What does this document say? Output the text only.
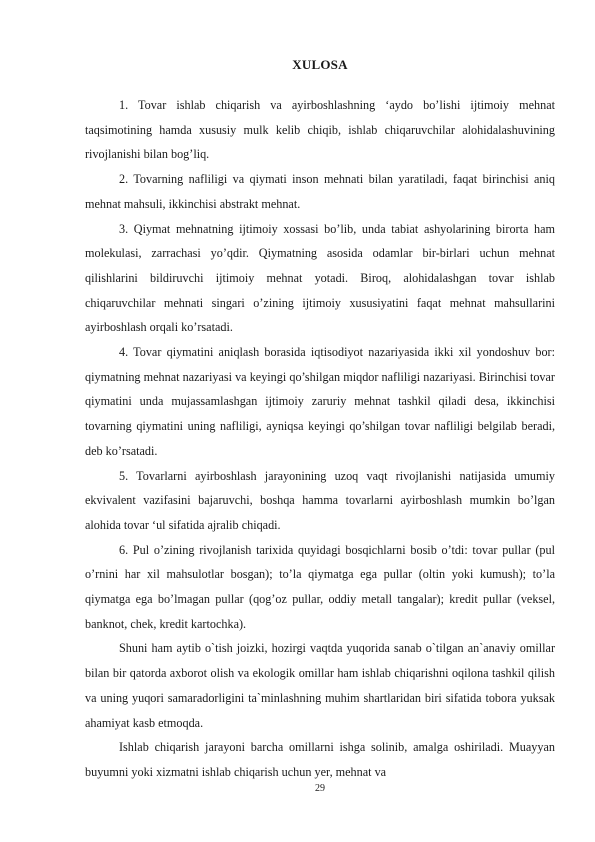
XULOSA

1. Tovar ishlab chiqarish va ayirboshlashning ‘aydo bo’lishi ijtimoiy mehnat taqsimotining hamda xususiy mulk kelib chiqib, ishlab chiqaruvchilar alohidalashuvining rivojlanishi bilan bog’liq.

2. Tovarning nafliligi va qiymati inson mehnati bilan yaratiladi, faqat birinchisi aniq mehnat mahsuli, ikkinchisi abstrakt mehnat.

3. Qiymat mehnatning ijtimoiy xossasi bo’lib, unda tabiat ashyolarining birorta ham molekulasi, zarrachasi yo’qdir. Qiymatning asosida odamlar bir-birlari uchun mehnat qilishlarini bildiruvchi ijtimoiy mehnat yotadi. Biroq, alohidalashgan tovar ishlab chiqaruvchilar mehnati singari o’zining ijtimoiy xususiyatini faqat mehnat mahsullarini ayirboshlash orqali ko’rsatadi.

4. Tovar qiymatini aniqlash borasida iqtisodiyot nazariyasida ikki xil yondoshuv bor: qiymatning mehnat nazariyasi va keyingi qo’shilgan miqdor nafliligi nazariyasi. Birinchisi tovar qiymatini unda mujassamlashgan ijtimoiy zaruriy mehnat tashkil qiladi desa, ikkinchisi tovarning qiymatini uning nafliligi, ayniqsa keyingi qo’shilgan tovar nafliligi belgilab beradi, deb ko’rsatadi.

5. Tovarlarni ayirboshlash jarayonining uzoq vaqt rivojlanishi natijasida umumiy ekvivalent vazifasini bajaruvchi, boshqa hamma tovarlarni ayirboshlash mumkin bo’lgan alohida tovar ‘ul sifatida ajralib chiqadi.

6. Pul o’zining rivojlanish tarixida quyidagi bosqichlarni bosib o’tdi: tovar pullar (pul o’rnini har xil mahsulotlar bosgan); to’la qiymatga ega pullar (oltin yoki kumush); to’la qiymatga ega bo’lmagan pullar (qog’oz pullar, oddiy metall tangalar); kredit pullar (veksel, banknot, chek, kredit kartochka).

Shuni ham aytib o`tish joizki, hozirgi vaqtda yuqorida sanab o`tilgan an`anaviy omillar bilan bir qatorda axborot olish va ekologik omillar ham ishlab chiqarishni oqilona tashkil qilish va uning yuqori samaradorligini ta`minlashning muhim shartlaridan biri sifatida tobora yuksak ahamiyat kasb etmoqda.

Ishlab chiqarish jarayoni barcha omillarni ishga solinib, amalga oshiriladi. Muayyan buyumni yoki xizmatni ishlab chiqarish uchun yer, mehnat va

29
